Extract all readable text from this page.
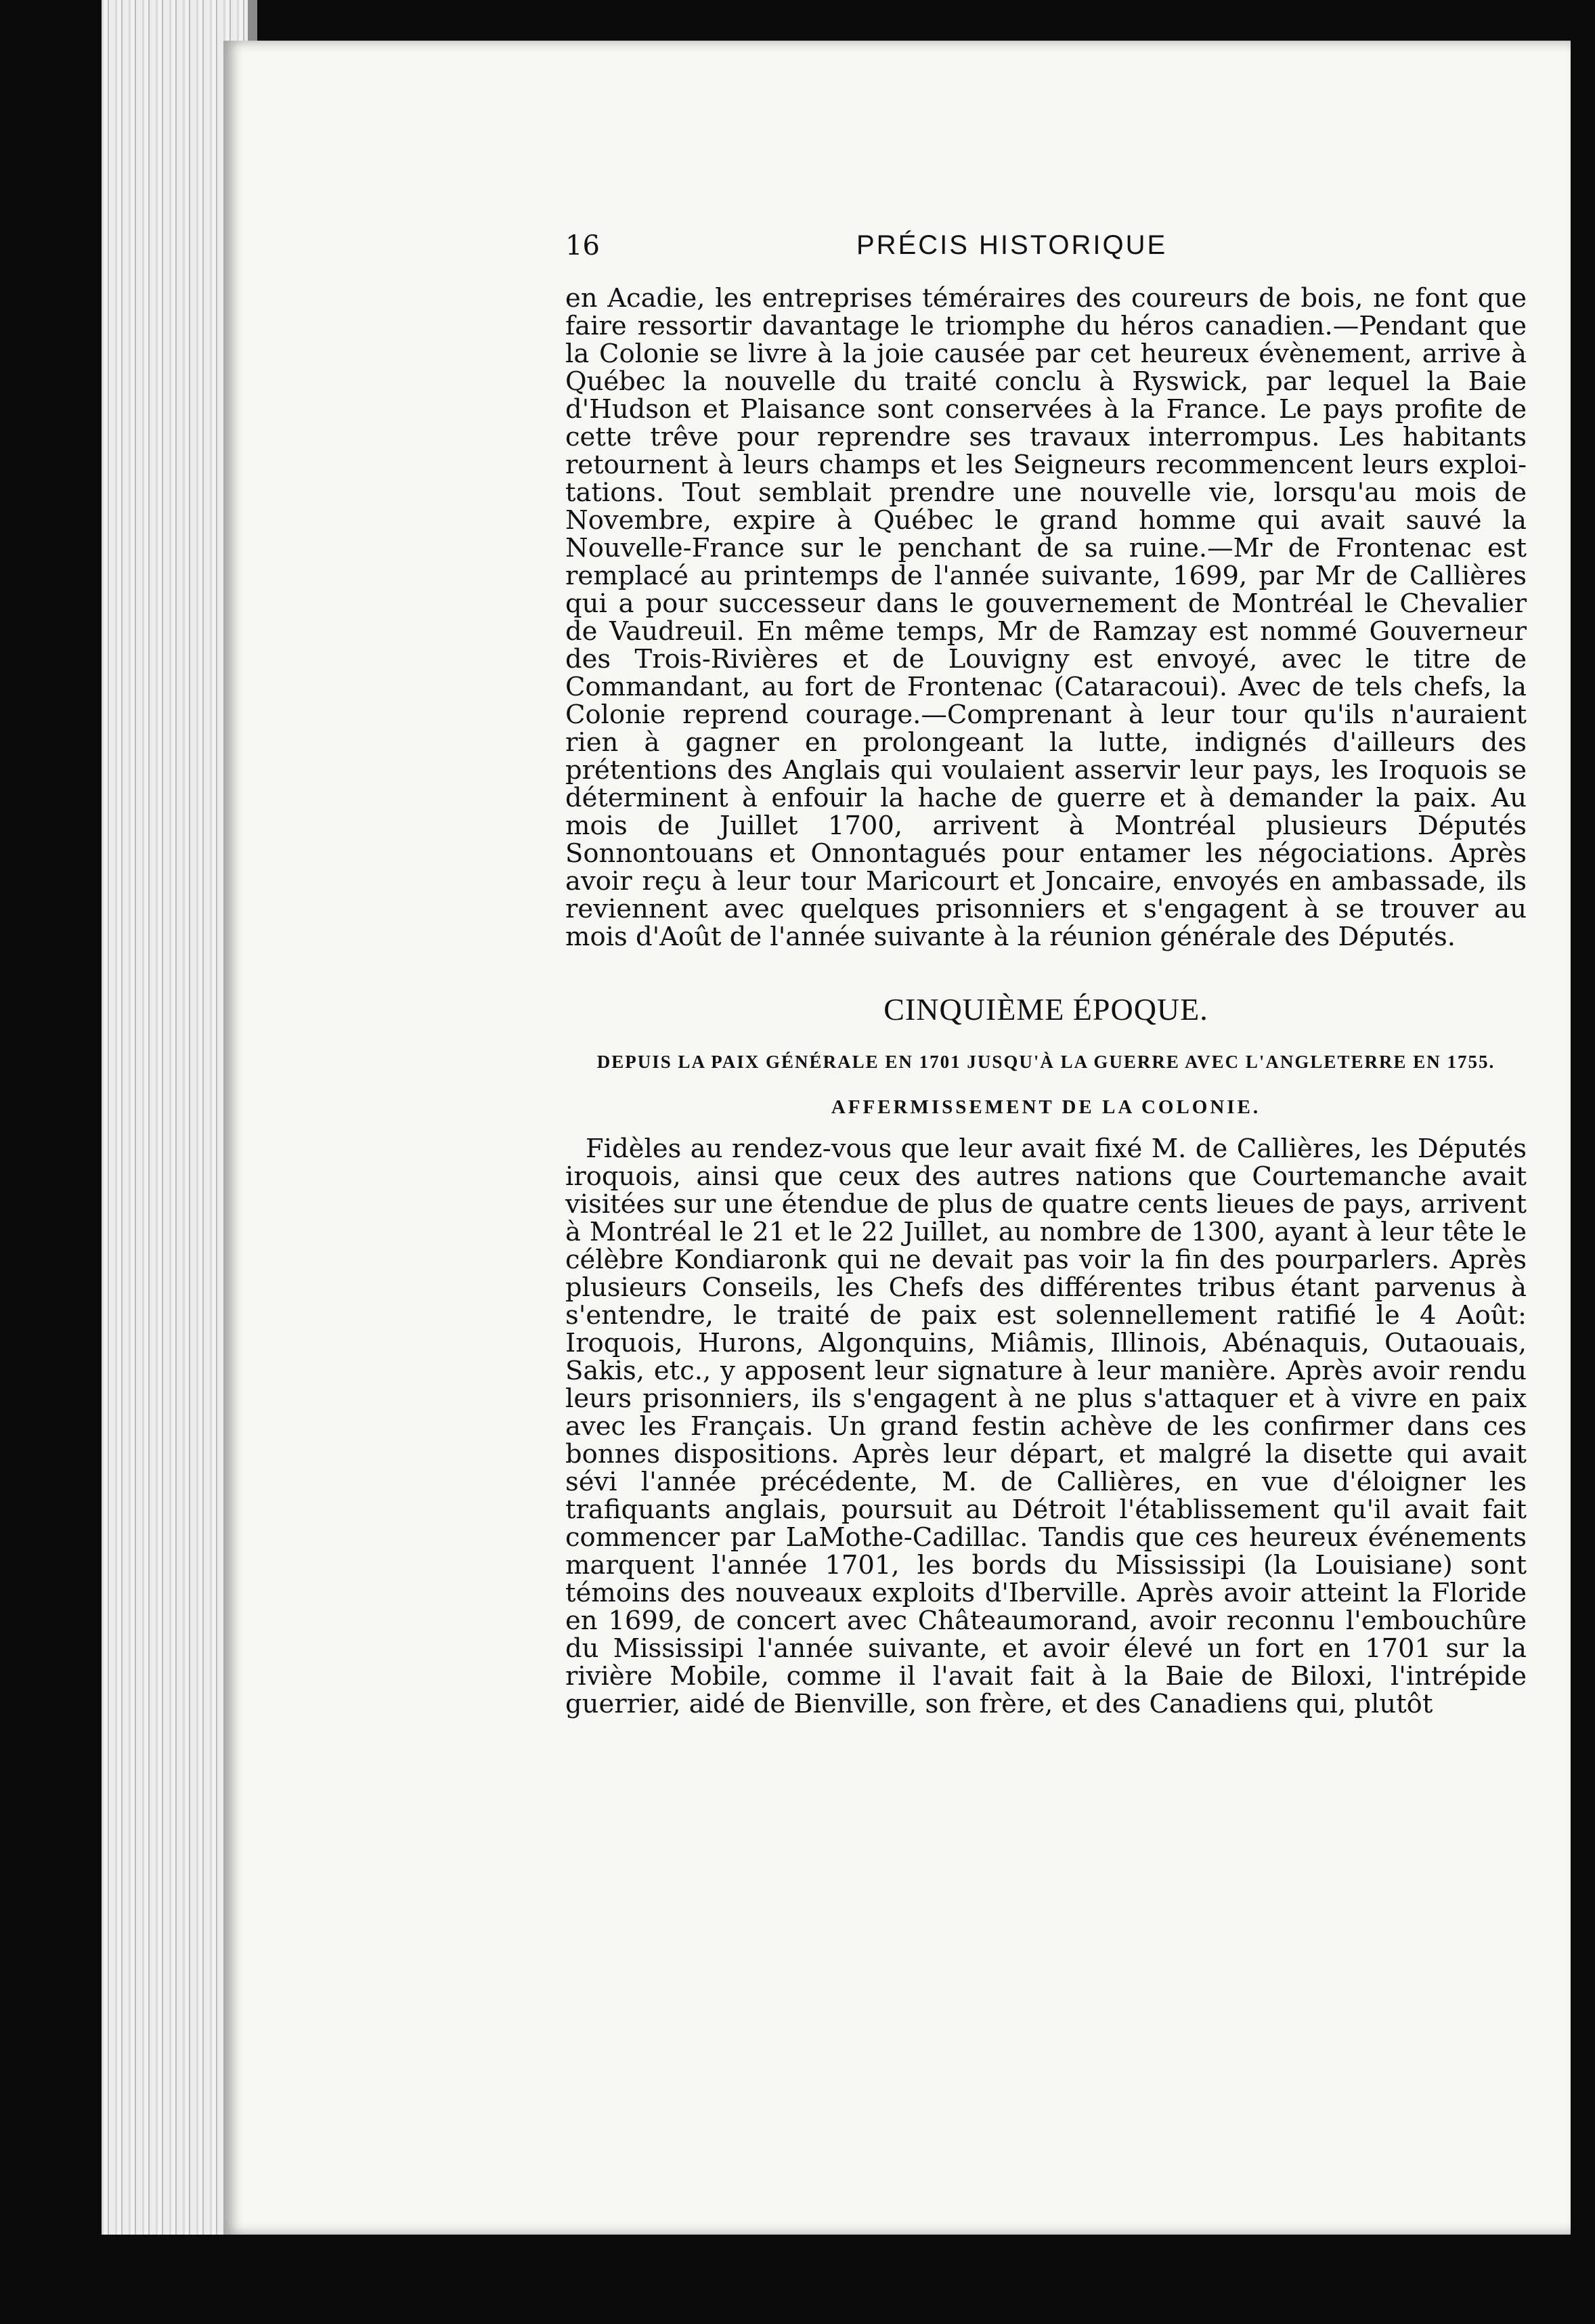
16	PRÉCIS HISTORIQUE

en Acadie, les entreprises téméraires des coureurs de bois, ne font que faire ressortir davantage le triomphe du héros canadien.—Pendant que la Colonie se livre à la joie causée par cet heureux évènement, arrive à Québec la nouvelle du traité conclu à Ryswick, par lequel la Baie d'Hudson et Plaisance sont conservées à la France. Le pays profite de cette trêve pour reprendre ses travaux interrompus. Les habitants retournent à leurs champs et les Seigneurs recommencent leurs exploi-tations. Tout semblait prendre une nouvelle vie, lorsqu'au mois de Novembre, expire à Québec le grand homme qui avait sauvé la Nouvelle-France sur le penchant de sa ruine.—Mr de Frontenac est remplacé au printemps de l'année suivante, 1699, par Mr de Callières qui a pour successeur dans le gouvernement de Montréal le Chevalier de Vaudreuil. En même temps, Mr de Ramzay est nommé Gouverneur des Trois-Rivières et de Louvigny est envoyé, avec le titre de Commandant, au fort de Frontenac (Cataracoui). Avec de tels chefs, la Colonie reprend courage.—Comprenant à leur tour qu'ils n'auraient rien à gagner en prolongeant la lutte, indignés d'ailleurs des prétentions des Anglais qui voulaient asservir leur pays, les Iroquois se déterminent à enfouir la hache de guerre et à demander la paix. Au mois de Juillet 1700, arrivent à Montréal plusieurs Députés Sonnontouans et Onnontagués pour entamer les négociations. Après avoir reçu à leur tour Maricourt et Joncaire, envoyés en ambassade, ils reviennent avec quelques prisonniers et s'engagent à se trouver au mois d'Août de l'année suivante à la réunion générale des Députés.

CINQUIÈME ÉPOQUE.
DEPUIS LA PAIX GÉNÉRALE EN 1701 JUSQU'À LA GUERRE AVEC L'ANGLETERRE EN 1755.
AFFERMISSEMENT DE LA COLONIE.

Fidèles au rendez-vous que leur avait fixé M. de Callières, les Députés iroquois, ainsi que ceux des autres nations que Courtemanche avait visitées sur une étendue de plus de quatre cents lieues de pays, arrivent à Montréal le 21 et le 22 Juillet, au nombre de 1300, ayant à leur tête le célèbre Kondiaronk qui ne devait pas voir la fin des pourparlers. Après plusieurs Conseils, les Chefs des différentes tribus étant parvenus à s'entendre, le traité de paix est solennellement ratifié le 4 Août: Iroquois, Hurons, Algonquins, Miâmis, Illinois, Abénaquis, Outaouais, Sakis, etc., y apposent leur signature à leur manière. Après avoir rendu leurs prisonniers, ils s'engagent à ne plus s'attaquer et à vivre en paix avec les Français. Un grand festin achève de les confirmer dans ces bonnes dispositions. Après leur départ, et malgré la disette qui avait sévi l'année précédente, M. de Callières, en vue d'éloigner les trafiquants anglais, poursuit au Détroit l'établissement qu'il avait fait commencer par LaMothe-Cadillac. Tandis que ces heureux événements marquent l'année 1701, les bords du Mississipi (la Louisiane) sont témoins des nouveaux exploits d'Iberville. Après avoir atteint la Floride en 1699, de concert avec Châteaumorand, avoir reconnu l'embouchûre du Mississipi l'année suivante, et avoir élevé un fort en 1701 sur la rivière Mobile, comme il l'avait fait à la Baie de Biloxi, l'intrépide guerrier, aidé de Bienville, son frère, et des Canadiens qui, plutôt
